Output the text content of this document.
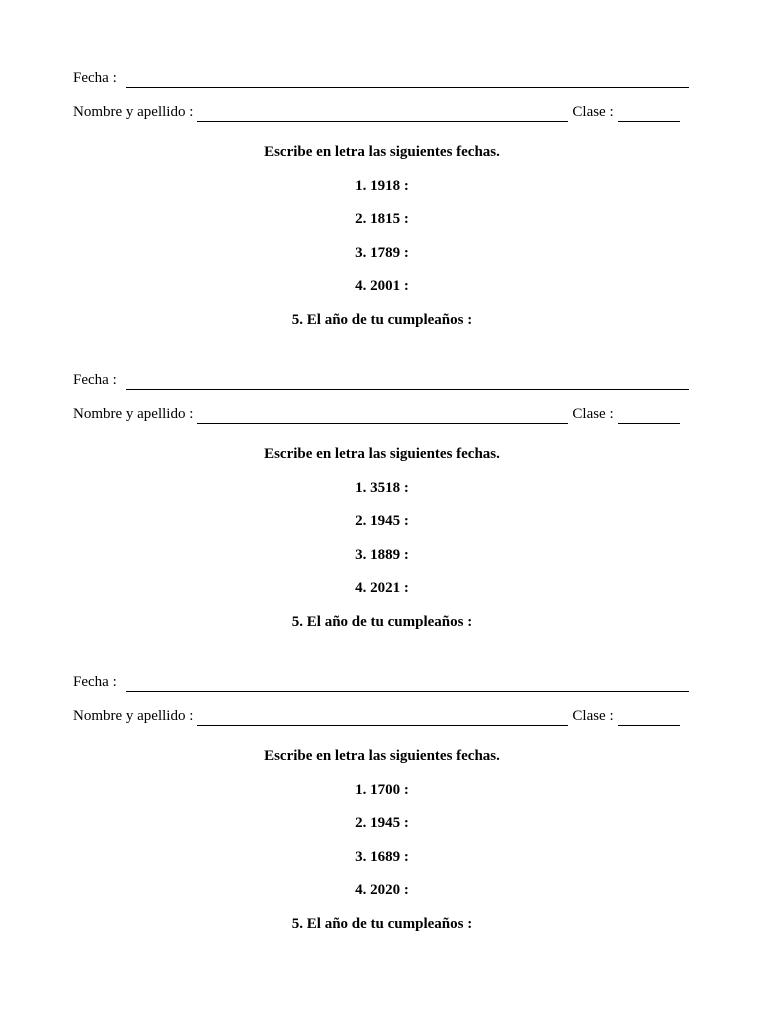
Fecha :
Nombre y apellido :	Clase :
Escribe en letra las siguientes fechas.
1. 1918 :
2. 1815 :
3. 1789 :
4. 2001 :
5. El año de tu cumpleaños :
Fecha :
Nombre y apellido :	Clase :
Escribe en letra las siguientes fechas.
1. 3518 :
2. 1945 :
3. 1889 :
4. 2021 :
5. El año de tu cumpleaños :
Fecha :
Nombre y apellido :	Clase :
Escribe en letra las siguientes fechas.
1. 1700 :
2. 1945 :
3. 1689 :
4. 2020 :
5. El año de tu cumpleaños :
